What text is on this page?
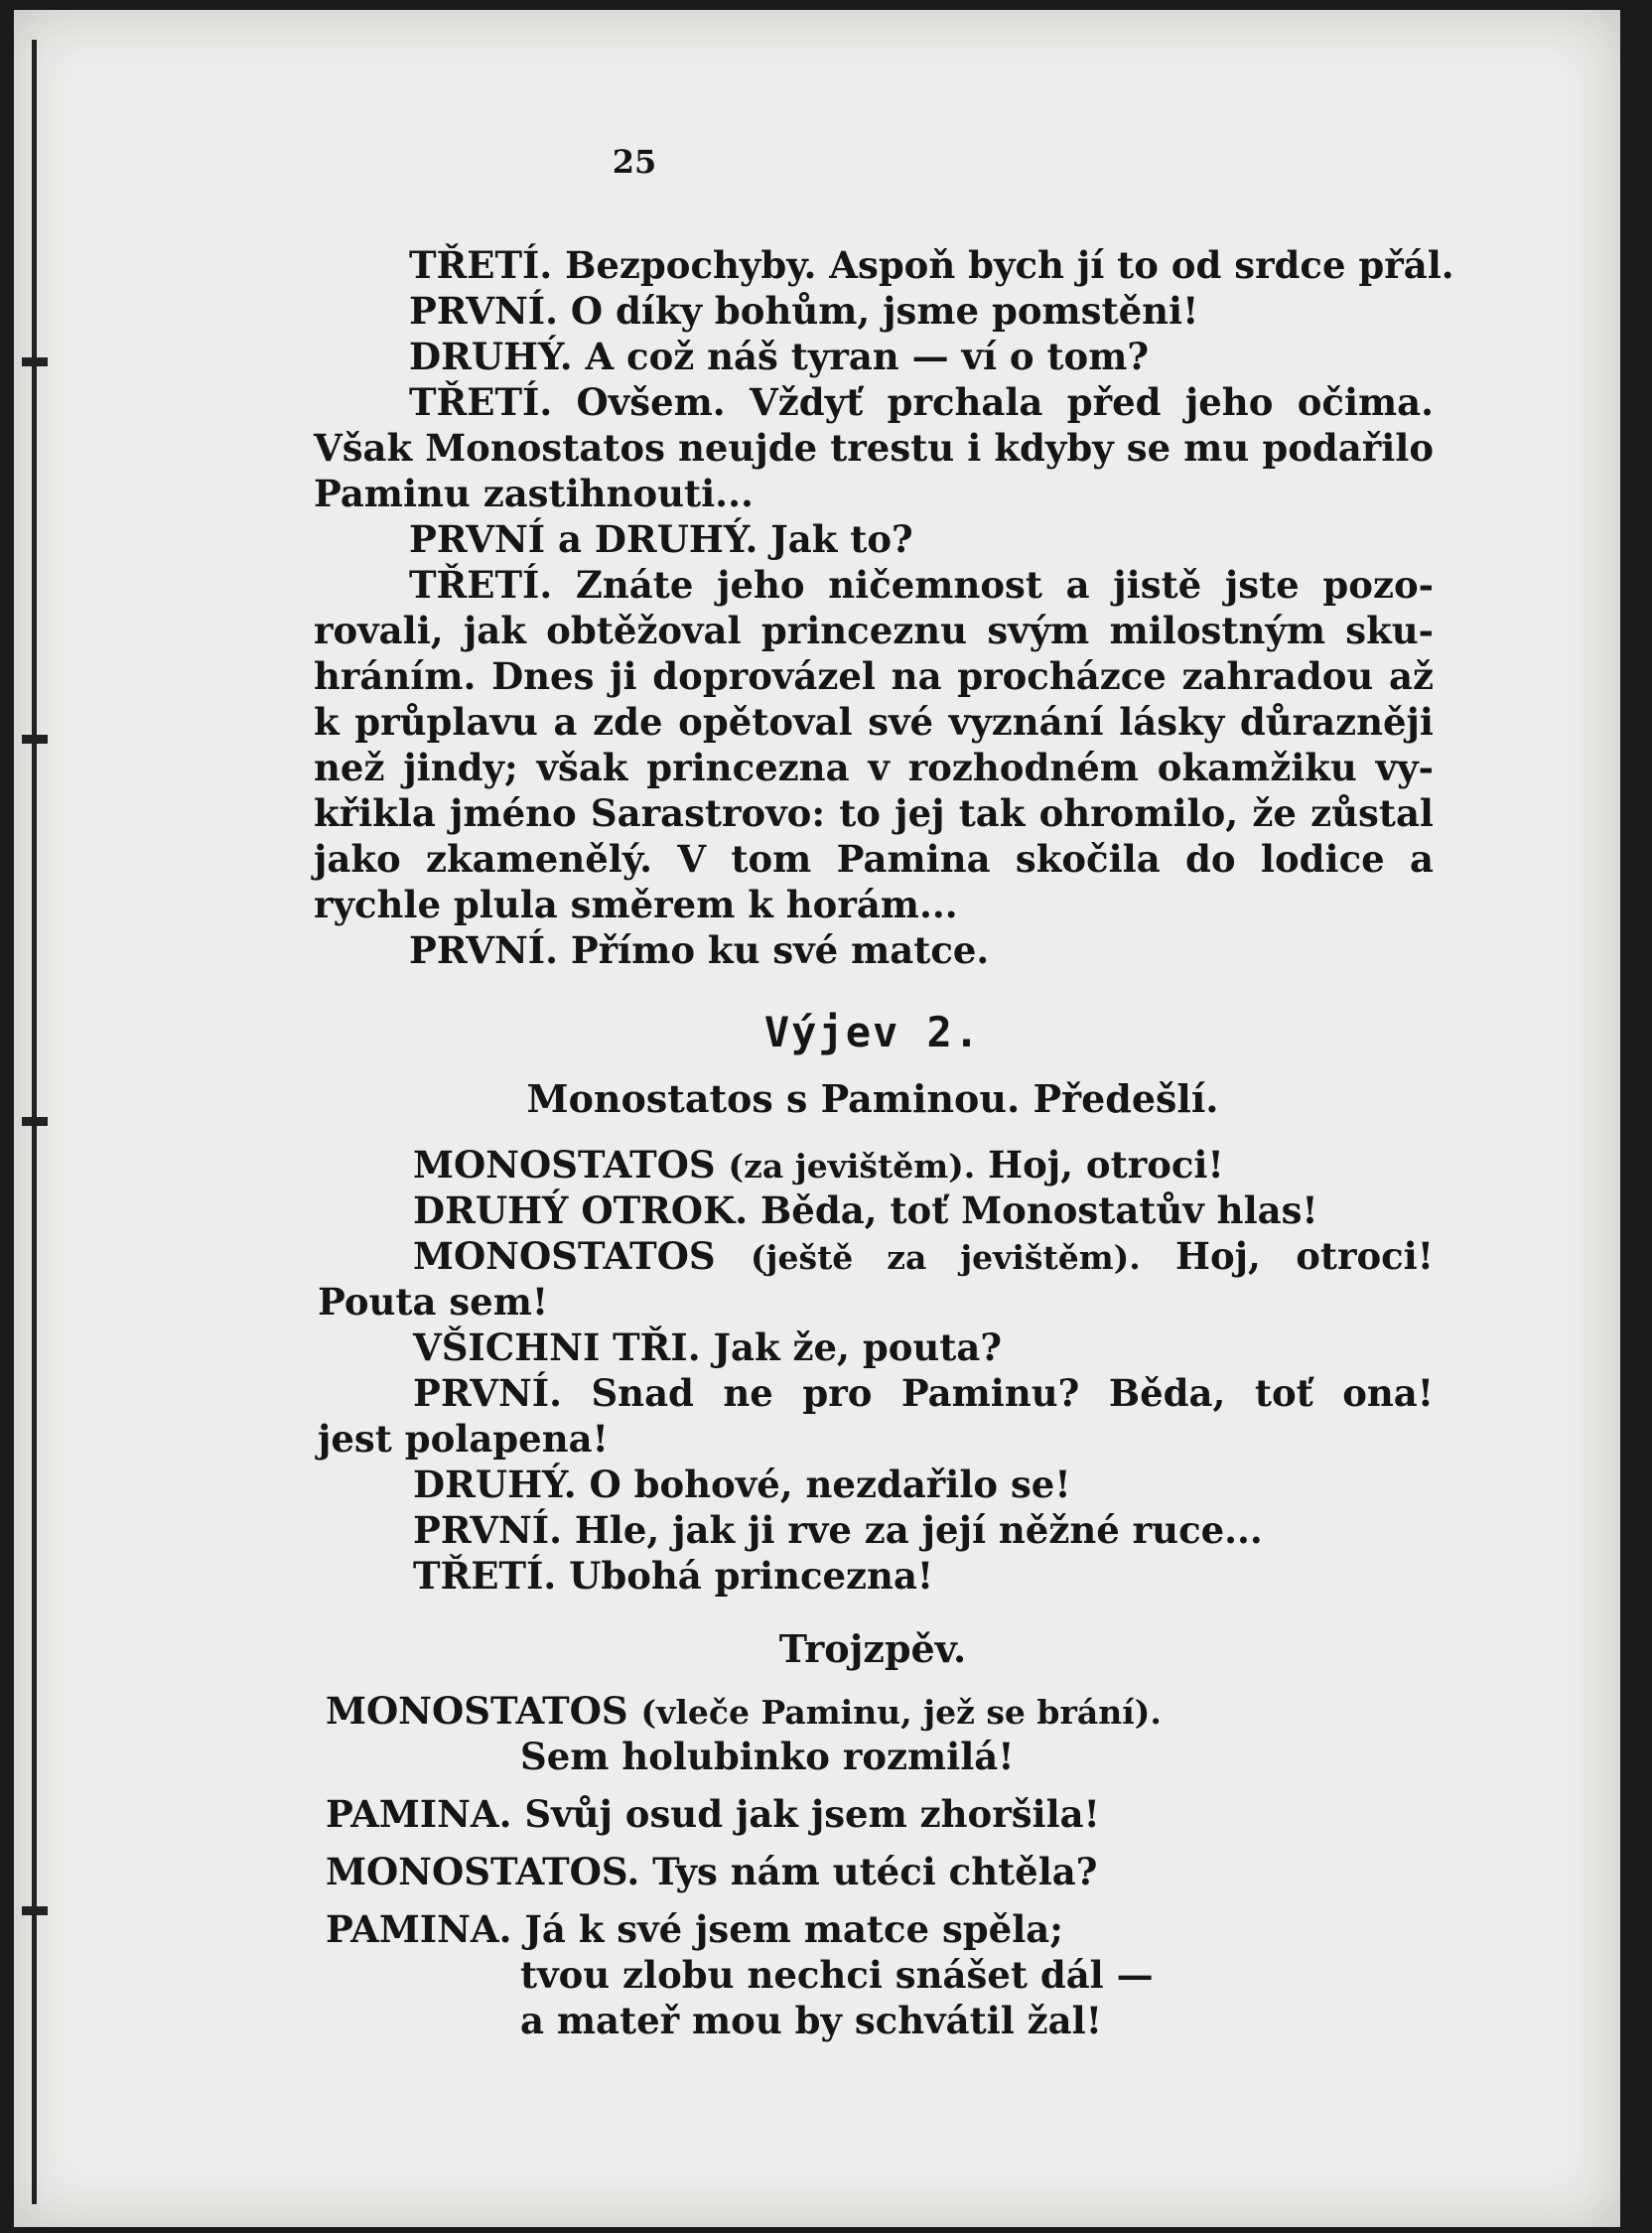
25
TŘETÍ. Bezpochyby. Aspoň bych jí to od srdce přál.
PRVNÍ. O díky bohům, jsme pomstěni!
DRUHÝ. A což náš tyran — ví o tom?
TŘETÍ. Ovšem. Vždyť prchala před jeho očima.
Však Monostatos neujde trestu i kdyby se mu podařilo
Paminu zastihnouti...
PRVNÍ a DRUHÝ. Jak to?
TŘETÍ. Znáte jeho ničemnost a jistě jste pozo-
rovali, jak obtěžoval princeznu svým milostným sku-
hráním. Dnes ji doprovázel na procházce zahradou až
k průplavu a zde opětoval své vyznání lásky důrazněji
než jindy; však princezna v rozhodném okamžiku vy-
křikla jméno Sarastrovo: to jej tak ohromilo, že zůstal
jako zkamenělý. V tom Pamina skočila do lodice a
rychle plula směrem k horám...
PRVNÍ. Přímo ku své matce.
Výjev 2.
Monostatos s Paminou. Předešlí.
MONOSTATOS (za jevištěm). Hoj, otroci!
DRUHÝ OTROK. Běda, toť Monostatův hlas!
MONOSTATOS (ještě za jevištěm). Hoj, otroci!
Pouta sem!
VŠICHNI TŘI. Jak že, pouta?
PRVNÍ. Snad ne pro Paminu? Běda, toť ona!
jest polapena!
DRUHÝ. O bohové, nezdařilo se!
PRVNÍ. Hle, jak ji rve za její něžné ruce...
TŘETÍ. Ubohá princezna!
Trojzpěv.
MONOSTATOS (vleče Paminu, jež se brání).
Sem holubinko rozmilá!
PAMINA. Svůj osud jak jsem zhoršila!
MONOSTATOS. Tys nám utéci chtěla?
PAMINA. Já k své jsem matce spěla;
tvou zlobu nechci snášet dál —
a mateř mou by schvátil žal!
